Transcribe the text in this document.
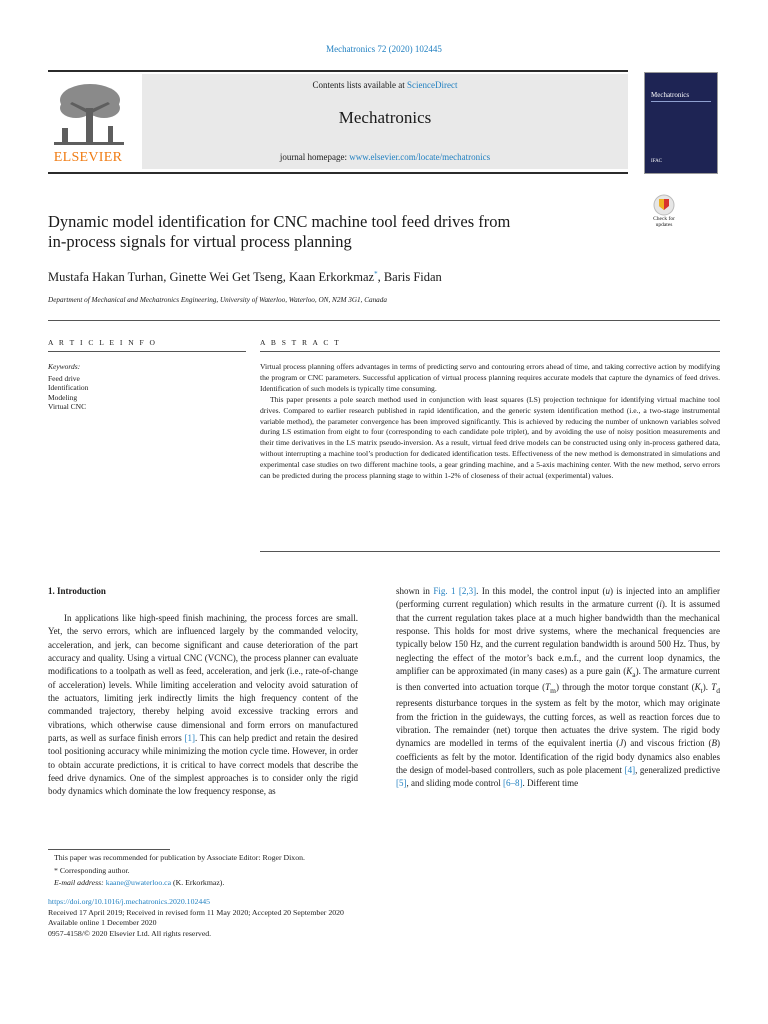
Mechatronics 72 (2020) 102445
ELSEVIER
Contents lists available at ScienceDirect
Mechatronics
journal homepage: www.elsevier.com/locate/mechatronics
Mechatronics
IFAC
Dynamic model identification for CNC machine tool feed drives from
in-process signals for virtual process planning
Check for
updates
Mustafa Hakan Turhan, Ginette Wei Get Tseng, Kaan Erkorkmaz*, Baris Fidan
Department of Mechanical and Mechatronics Engineering, University of Waterloo, Waterloo, ON, N2M 3G1, Canada
A R T I C L E I N F O	A B S T R A C T
Keywords:
Feed drive
Identification
Modeling
Virtual CNC

Virtual process planning offers advantages in terms of predicting servo and contouring errors ahead of time, and taking corrective action by modifying the program or CNC parameters. Successful application of virtual process planning requires accurate models that capture the dynamics of feed drives. Identification of such models is typically time consuming.

This paper presents a pole search method used in conjunction with least squares (LS) projection technique for identifying virtual machine tool drives. Compared to earlier research published in rapid identification, and the generic system identification method (i.e., a two-stage instrumental variable method), the parameter convergence has been improved significantly. This is achieved by reducing the number of unknown variables solved during LS estimation from eight to four (corresponding to each candidate pole triplet), and by avoiding the use of noisy position measurements and their time derivatives in the LS matrix pseudo-inversion. As a result, virtual feed drive models can be constructed using only in-process gathered data, without interrupting a machine tool’s production for dedicated identification tests. Effectiveness of the new method is demonstrated in simulations and experimental case studies on two different machine tools, a gear grinding machine, and a 5-axis machining center. With the new method, servo errors can be predicted during the process planning stage to within 1-2% of closeness of their actual (experimental) values.

1. Introduction

In applications like high-speed finish machining, the process forces are small. Yet, the servo errors, which are influenced largely by the commanded velocity, acceleration, and jerk, can become significant and cause deterioration of the part accuracy and quality. Using a virtual CNC (VCNC), the process planner can evaluate modifications to a toolpath as well as feed, acceleration, and jerk (i.e., rate-of-change of acceleration) levels. While limiting acceleration and velocity avoid saturation of the actuators, limiting jerk indirectly limits the high frequency content of the commanded trajectory, thereby helping avoid excessive tracking errors and vibrations, which otherwise cause dimensional and form errors on manufactured parts, as well as surface finish errors [1]. This can help predict and retain the desired tool positioning accuracy while minimizing the motion cycle time. However, in order to obtain accurate predictions, it is critical to have correct models that describe the feed drive dynamics. One of the simplest approaches is to consider only the rigid body dynamics which dominate the low frequency response, as

shown in Fig. 1 [2,3]. In this model, the control input (u) is injected into an amplifier (performing current regulation) which results in the armature current (i). It is assumed that the current regulation takes place at a much higher bandwidth than the mechanical response. This holds for most drive systems, where the mechanical frequencies are typically below 150 Hz, and the current regulation bandwidth is around 500 Hz. Thus, by neglecting the effect of the motor’s back e.m.f., and the current loop dynamics, the amplifier can be approximated (in many cases) as a pure gain $(K_a)$. The armature current is then converted into actuation torque $(T_m)$ through the motor torque constant $(K_t)$. $T_d$ represents disturbance torques in the system as felt by the motor, which may originate from the friction in the guideways, the cutting forces, as well as reaction forces due to vibration. The remainder (net) torque then actuates the drive system. The rigid body dynamics are modelled in terms of the equivalent inertia (J) and viscous friction (B) coefficients as felt by the motor. Identification of the rigid body dynamics also enables the design of model-based controllers, such as pole placement [4], generalized predictive [5], and sliding mode control [6–8]. Different time

This paper was recommended for publication by Associate Editor: Roger Dixon.
* Corresponding author.
E-mail address: kaane@uwaterloo.ca (K. Erkorkmaz).
https://doi.org/10.1016/j.mechatronics.2020.102445
Received 17 April 2019; Received in revised form 11 May 2020; Accepted 20 September 2020
Available online 1 December 2020
0957-4158/© 2020 Elsevier Ltd. All rights reserved.
